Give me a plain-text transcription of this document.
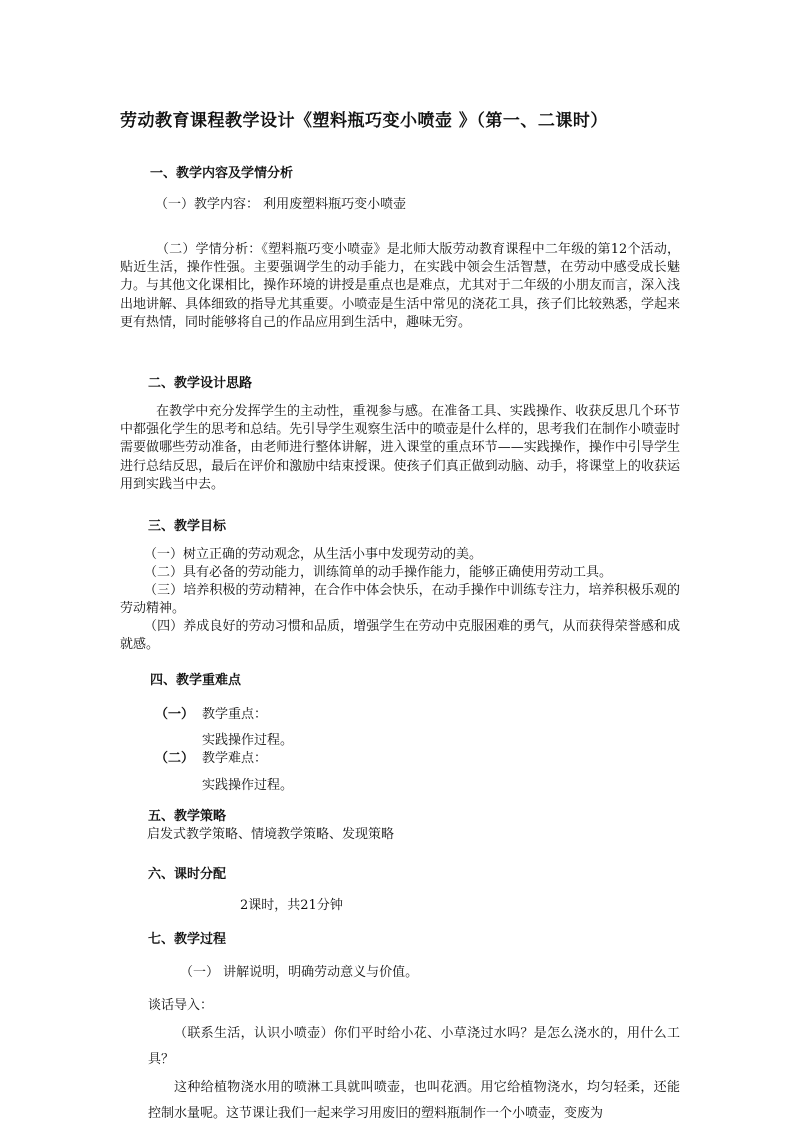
劳动教育课程教学设计《塑料瓶巧变小喷壶 》（第一、二课时）
一、教学内容及学情分析
（一）教学内容： 利用废塑料瓶巧变小喷壶
（二）学情分析：《塑料瓶巧变小喷壶》是北师大版劳动教育课程中二年级的第12个活动，贴近生活，操作性强。主要强调学生的动手能力，在实践中领会生活智慧，在劳动中感受成长魅力。与其他文化课相比，操作环境的讲授是重点也是难点，尤其对于二年级的小朋友而言，深入浅出地讲解、具体细致的指导尤其重要。小喷壶是生活中常见的浇花工具，孩子们比较熟悉，学起来更有热情，同时能够将自己的作品应用到生活中，趣味无穷。
二、教学设计思路
在教学中充分发挥学生的主动性，重视参与感。在准备工具、实践操作、收获反思几个环节中都强化学生的思考和总结。先引导学生观察生活中的喷壶是什么样的，思考我们在制作小喷壶时需要做哪些劳动准备，由老师进行整体讲解，进入课堂的重点环节——实践操作，操作中引导学生进行总结反思，最后在评价和激励中结束授课。使孩子们真正做到动脑、动手，将课堂上的收获运用到实践当中去。
三、教学目标
（一）树立正确的劳动观念，从生活小事中发现劳动的美。
（二）具有必备的劳动能力，训练简单的动手操作能力，能够正确使用劳动工具。
（三）培养积极的劳动精神，在合作中体会快乐，在动手操作中训练专注力，培养积极乐观的劳动精神。
（四）养成良好的劳动习惯和品质，增强学生在劳动中克服困难的勇气，从而获得荣誉感和成就感。
四、教学重难点
（一） 教学重点：
实践操作过程。
（二） 教学难点：
实践操作过程。
五、教学策略
启发式教学策略、情境教学策略、发现策略
六、课时分配
2课时，共21分钟
七、教学过程
（一） 讲解说明，明确劳动意义与价值。
谈话导入：
（联系生活，认识小喷壶）你们平时给小花、小草浇过水吗？是怎么浇水的，用什么工具？
这种给植物浇水用的喷淋工具就叫喷壶，也叫花洒。用它给植物浇水，均匀轻柔，还能控制水量呢。这节课让我们一起来学习用废旧的塑料瓶制作一个小喷壶，变废为
